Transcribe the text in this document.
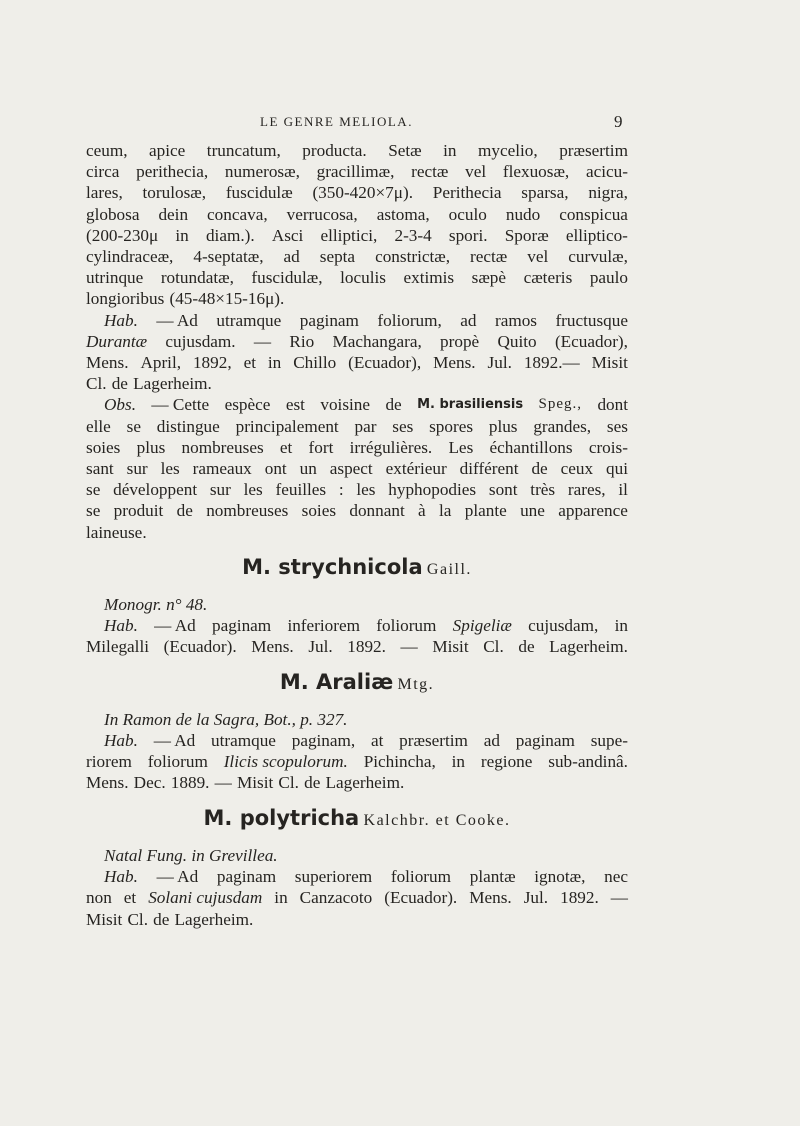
LE GENRE MELIOLA.	9
ceum, apice truncatum, producta. Setæ in mycelio, præsertim
circa perithecia, numerosæ, gracillimæ, rectæ vel flexuosæ, acicu-
lares, torulosæ, fuscidulæ (350-420×7μ). Perithecia sparsa, nigra,
globosa dein concava, verrucosa, astoma, oculo nudo conspicua
(200-230μ in diam.). Asci elliptici, 2-3-4 spori. Sporæ elliptico-
cylindraceæ, 4-septatæ, ad septa constrictæ, rectæ vel curvulæ,
utrinque rotundatæ, fuscidulæ, loculis extimis sæpè cæteris paulo
longioribus (45-48×15-16μ).
Hab. — Ad utramque paginam foliorum, ad ramos fructusque
Durantæ cujusdam. — Rio Machangara, propè Quito (Ecuador),
Mens. April, 1892, et in Chillo (Ecuador), Mens. Jul. 1892.— Misit
Cl. de Lagerheim.
Obs. — Cette espèce est voisine de M. brasiliensis Speg., dont
elle se distingue principalement par ses spores plus grandes, ses
soies plus nombreuses et fort irrégulières. Les échantillons crois-
sant sur les rameaux ont un aspect extérieur différent de ceux qui
se développent sur les feuilles : les hyphopodies sont très rares, il
se produit de nombreuses soies donnant à la plante une apparence
laineuse.
M. strychnicola Gaill.
Monogr. n° 48.
Hab. — Ad paginam inferiorem foliorum Spigeliæ cujusdam, in
Milegalli (Ecuador). Mens. Jul. 1892. — Misit Cl. de Lagerheim.
M. Araliæ Mtg.
In Ramon de la Sagra, Bot., p. 327.
Hab. — Ad utramque paginam, at præsertim ad paginam supe-
riorem foliorum Ilicis scopulorum. Pichincha, in regione sub-andinâ.
Mens. Dec. 1889. — Misit Cl. de Lagerheim.
M. polytricha Kalchbr. et Cooke.
Natal Fung. in Grevillea.
Hab. — Ad paginam superiorem foliorum plantæ ignotæ, nec
non et Solani cujusdam in Canzacoto (Ecuador). Mens. Jul. 1892. —
Misit Cl. de Lagerheim.
